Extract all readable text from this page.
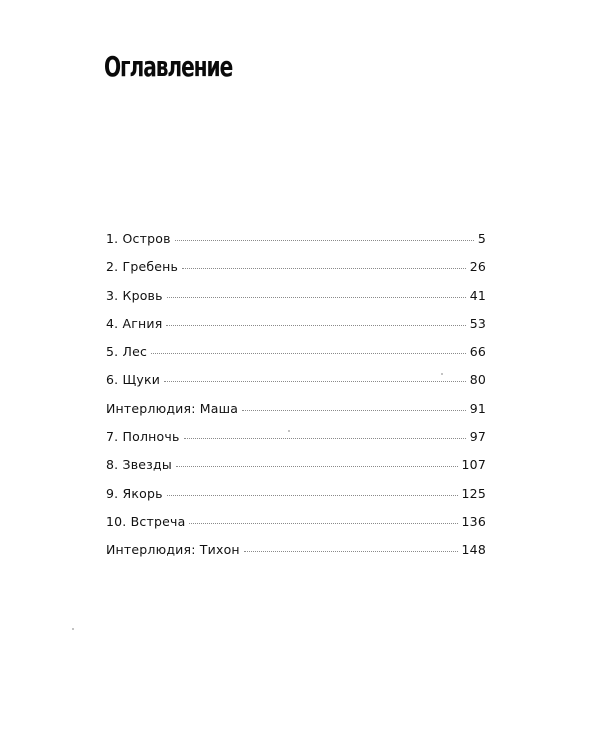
Оглавление
1. Остров	5
2. Гребень	26
3. Кровь	41
4. Агния	53
5. Лес	66
6. Щуки	80
Интерлюдия: Маша	91
7. Полночь	97
8. Звезды	107
9. Якорь	125
10. Встреча	136
Интерлюдия: Тихон	148
